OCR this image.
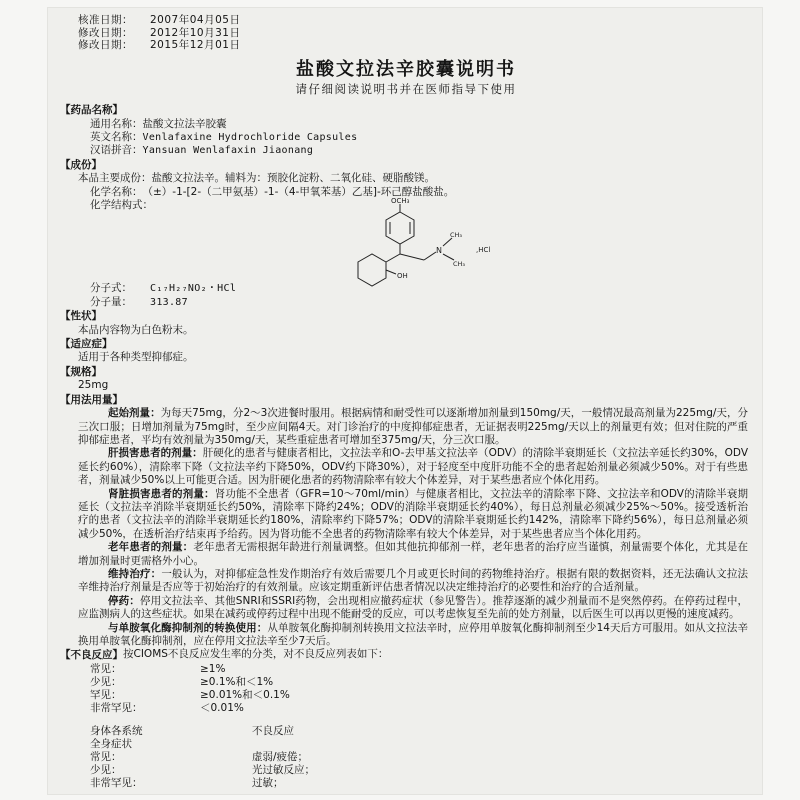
核准日期：	2007年04月05日
修改日期：	2012年10月31日
修改日期：	2015年12月01日
盐酸文拉法辛胶囊说明书
请仔细阅读说明书并在医师指导下使用
【药品名称】
通用名称： 盐酸文拉法辛胶囊
英文名称： Venlafaxine Hydrochloride Capsules
汉语拼音： Yansuan Wenlafaxin Jiaonang
【成份】
本品主要成份： 盐酸文拉法辛。辅料为：预胶化淀粉、二氧化硅、硬脂酸镁。
化学名称： （±）-1-[2-（二甲氨基）-1-（4-甲氧苯基）乙基]-环己醇盐酸盐。
化学结构式：	OCH₃
N
CH₃
CH₃
,HCl
OH
分子式：	C₁₇H₂₇NO₂・HCl
分子量：	313.87
【性状】
本品内容物为白色粉末。
【适应症】
适用于各种类型抑郁症。
【规格】
25mg
【用法用量】
起始剂量：为每天75mg，分2～3次进餐时服用。根据病情和耐受性可以逐渐增加剂量到150mg/天，一般情况最高剂量为225mg/天，分三次口服；日增加剂量为75mg时，至少应间隔4天。对门诊治疗的中度抑郁症患者，无证据表明225mg/天以上的剂量更有效；但对住院的严重抑郁症患者，平均有效剂量为350mg/天，某些重症患者可增加至375mg/天，分三次口服。
肝损害患者的剂量：肝硬化的患者与健康者相比，文拉法辛和O-去甲基文拉法辛（ODV）的清除半衰期延长（文拉法辛延长约30%，ODV延长约60%），清除率下降（文拉法辛约下降50%，ODV约下降30%），对于轻度至中度肝功能不全的患者起始剂量必须减少50%。对于有些患者，剂量减少50%以上可能更合适。因为肝硬化患者的药物清除率有较大个体差异，对于某些患者应个体化用药。
肾脏损害患者的剂量：肾功能不全患者（GFR=10～70ml/min）与健康者相比，文拉法辛的清除率下降、文拉法辛和ODV的清除半衰期延长（文拉法辛消除半衰期延长约50%，清除率下降约24%；ODV的消除半衰期延长约40%），每日总剂量必须减少25%～50%。接受透析治疗的患者（文拉法辛的消除半衰期延长约180%，清除率约下降57%；ODV的清除半衰期延长约142%，清除率下降约56%），每日总剂量必须减少50%，在透析治疗结束再予给药。因为肾功能不全患者的药物清除率有较大个体差异，对于某些患者应当个体化用药。
老年患者的剂量：老年患者无需根据年龄进行剂量调整。但如其他抗抑郁剂一样，老年患者的治疗应当谨慎，剂量需要个体化，尤其是在增加剂量时更需格外小心。
维持治疗：一般认为，对抑郁症急性发作期治疗有效后需要几个月或更长时间的药物维持治疗。根据有限的数据资料，还无法确认文拉法辛维持治疗剂量是否应等于初始治疗的有效剂量。应该定期重新评估患者情况以决定维持治疗的必要性和治疗的合适剂量。
停药：停用文拉法辛、其他SNRI和SSRI药物，会出现相应撤药症状（参见警告）。推荐逐渐的减少剂量而不是突然停药。在停药过程中，应监测病人的这些症状。如果在减药或停药过程中出现不能耐受的反应，可以考虑恢复至先前的处方剂量，以后医生可以再以更慢的速度减药。
与单胺氧化酶抑制剂的转换使用：从单胺氧化酶抑制剂转换用文拉法辛时，应停用单胺氧化酶抑制剂至少14天后方可服用。如从文拉法辛换用单胺氧化酶抑制剂，应在停用文拉法辛至少7天后。
【不良反应】 按CIOMS不良反应发生率的分类，对不良反应列表如下：
常见：	≥1%
少见：	≥0.1%和＜1%
罕见：	≥0.01%和＜0.1%
非常罕见：	＜0.01%
身体各系统	不良反应
全身症状
常见：	虚弱/疲倦；
少见：	光过敏反应；
非常罕见：	过敏；
